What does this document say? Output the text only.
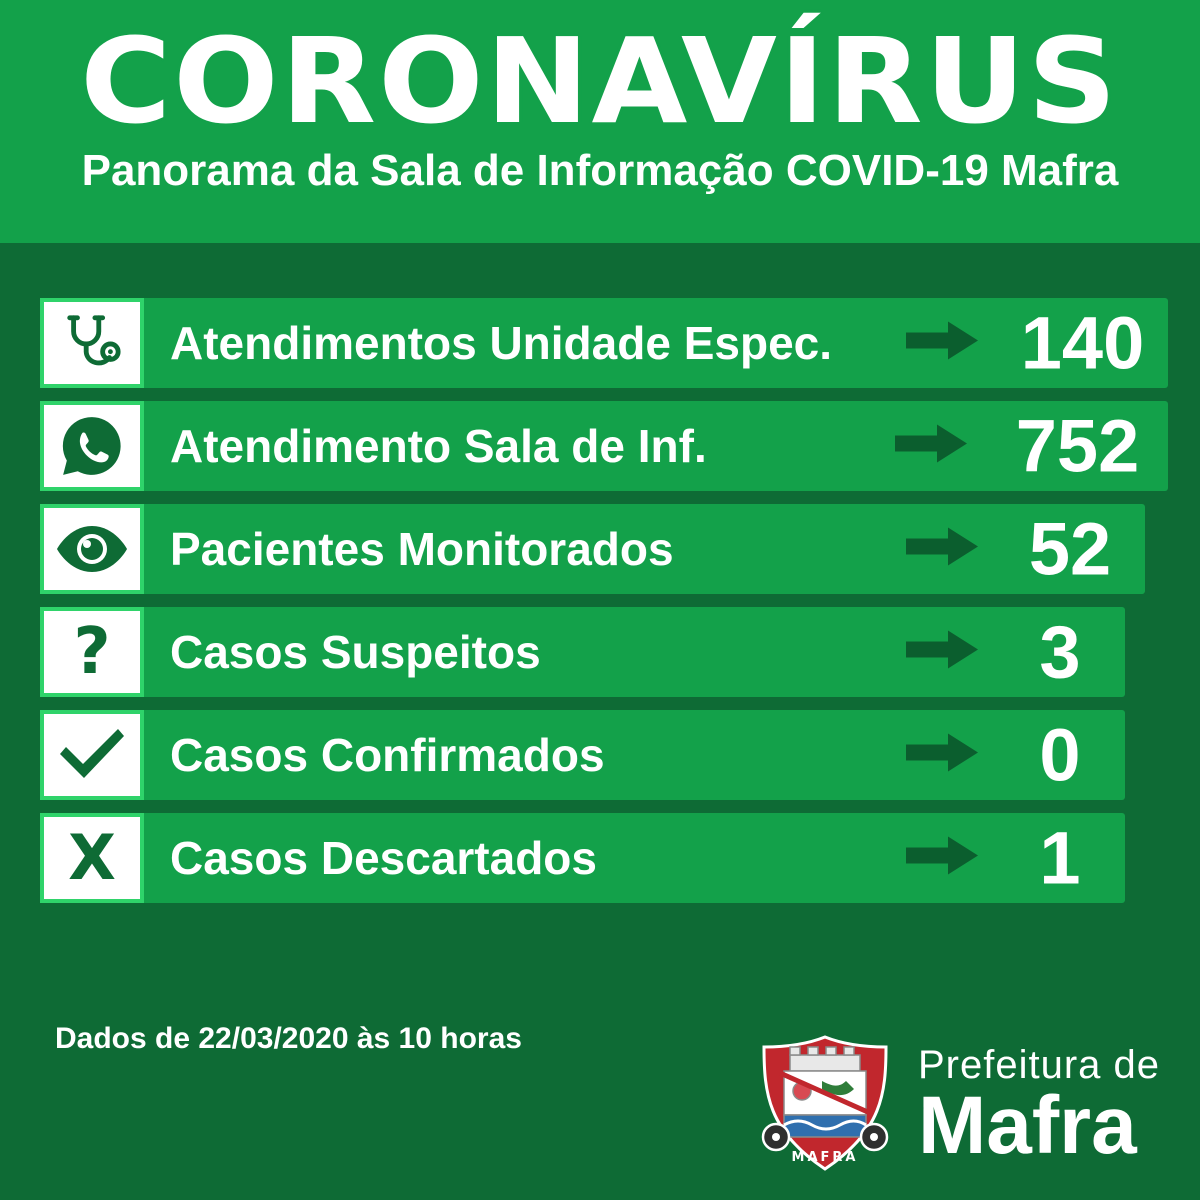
CORONAVÍRUS
Panorama da Sala de Informação COVID-19 Mafra
Atendimentos Unidade Espec.	140
Atendimento Sala de Inf.	752
Pacientes Monitorados	52
? Casos Suspeitos	3
Casos Confirmados	0
X Casos Descartados	1
Dados de 22/03/2020 às 10 horas
MAFRA
Prefeitura de
Mafra
